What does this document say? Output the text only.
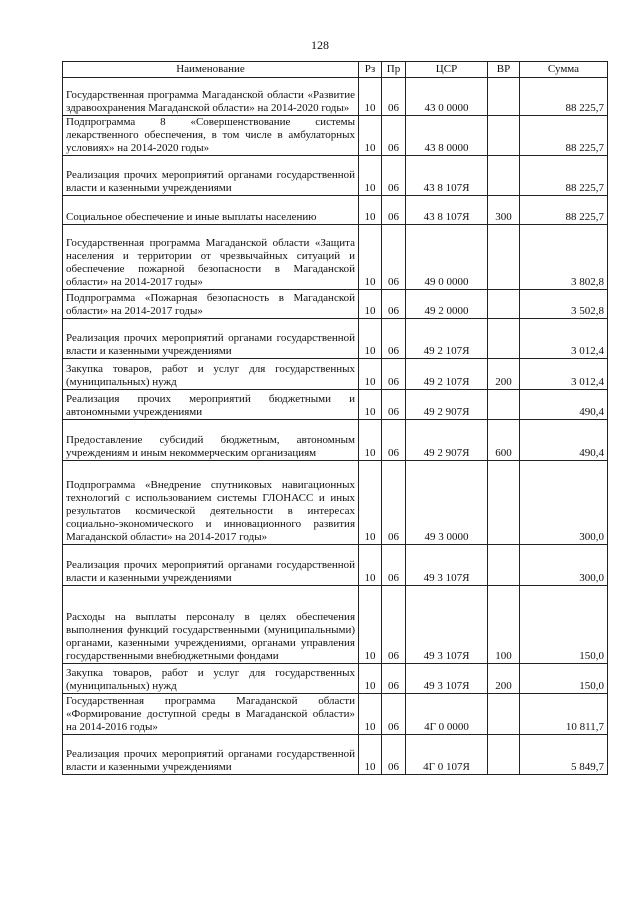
128
Наименование	Рз	Пр	ЦСР	ВР	Сумма
Государственная программа Магаданской области «Развитие здравоохранения Магаданской области» на 2014-2020 годы»	10	06	43 0 0000		88 225,7
Подпрограмма 8 «Совершенствование системы лекарственного обеспечения, в том числе в амбулаторных условиях» на 2014-2020 годы»	10	06	43 8 0000		88 225,7
Реализация прочих мероприятий органами государственной власти и казенными учреждениями	10	06	43 8 107Я		88 225,7
Социальное обеспечение и иные выплаты населению	10	06	43 8 107Я	300	88 225,7
Государственная программа Магаданской области «Защита населения и территории от чрезвычайных ситуаций и обеспечение пожарной безопасности в Магаданской области» на 2014-2017 годы»	10	06	49 0 0000		3 802,8
Подпрограмма «Пожарная безопасность в Магаданской области» на 2014-2017 годы»	10	06	49 2 0000		3 502,8
Реализация прочих мероприятий органами государственной власти и казенными учреждениями	10	06	49 2 107Я		3 012,4
Закупка товаров, работ и услуг для государственных (муниципальных) нужд	10	06	49 2 107Я	200	3 012,4
Реализация прочих мероприятий бюджетными и автономными учреждениями	10	06	49 2 907Я		490,4
Предоставление субсидий бюджетным, автономным учреждениям и иным некоммерческим организациям	10	06	49 2 907Я	600	490,4
Подпрограмма «Внедрение спутниковых навигационных технологий с использованием системы ГЛОНАСС и иных результатов космической деятельности в интересах социально-экономического и инновационного развития Магаданской области» на 2014-2017 годы»	10	06	49 3 0000		300,0
Реализация прочих мероприятий органами государственной власти и казенными учреждениями	10	06	49 3 107Я		300,0
Расходы на выплаты персоналу в целях обеспечения выполнения функций государственными (муниципальными) органами, казенными учреждениями, органами управления государственными внебюджетными фондами	10	06	49 3 107Я	100	150,0
Закупка товаров, работ и услуг для государственных (муниципальных) нужд	10	06	49 3 107Я	200	150,0
Государственная программа Магаданской области «Формирование доступной среды в Магаданской области» на 2014-2016 годы»	10	06	4Г 0 0000		10 811,7
Реализация прочих мероприятий органами государственной власти и казенными учреждениями	10	06	4Г 0 107Я		5 849,7
